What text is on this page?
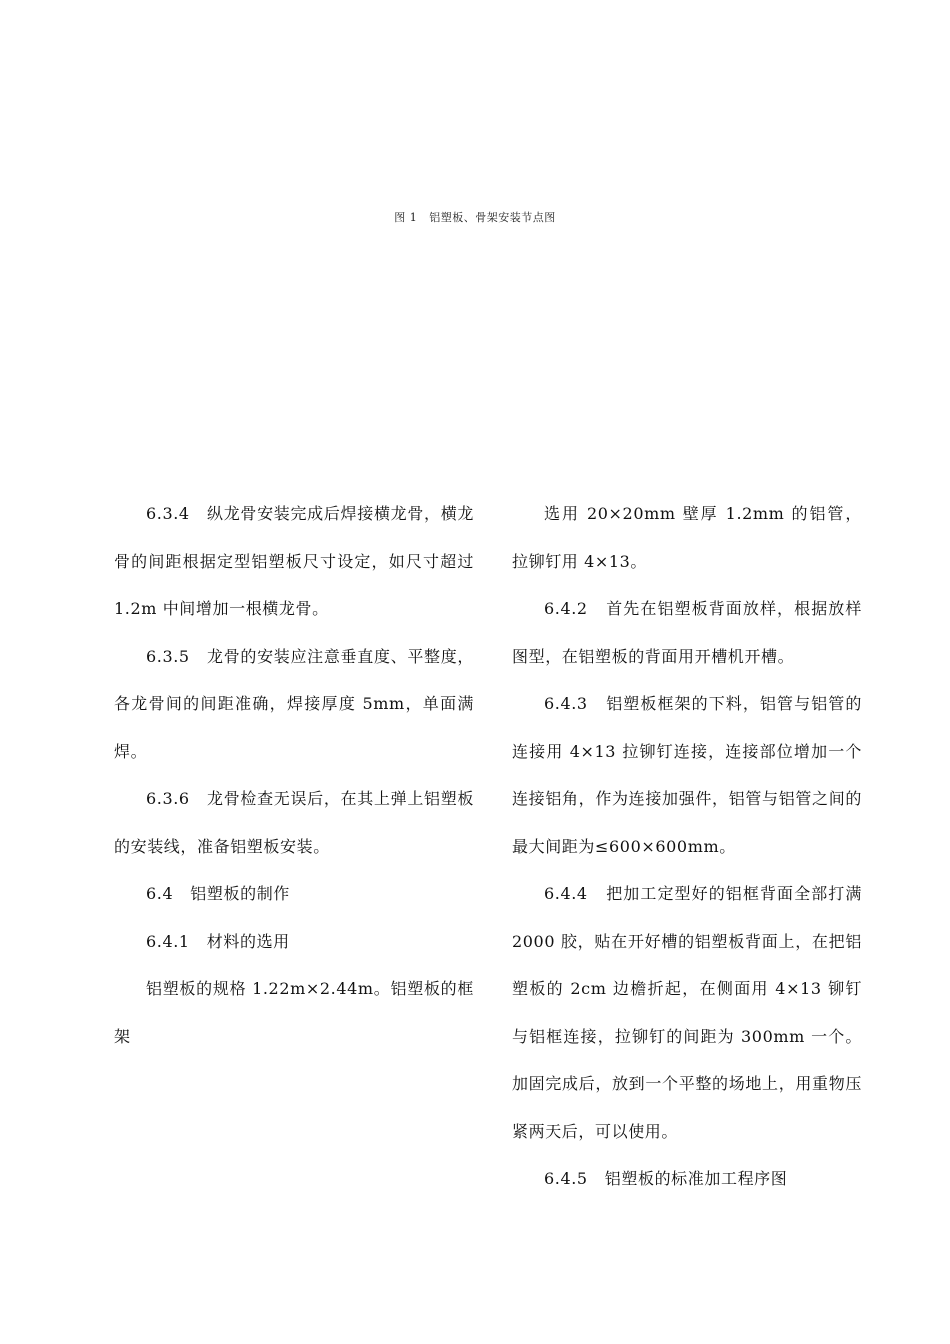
图 1   铝塑板、骨架安装节点图

6.3.4   纵龙骨安装完成后焊接横龙骨，横龙骨的间距根据定型铝塑板尺寸设定，如尺寸超过 1.2m 中间增加一根横龙骨。

6.3.5   龙骨的安装应注意垂直度、平整度，各龙骨间的间距准确，焊接厚度 5mm，单面满焊。

6.3.6   龙骨检查无误后，在其上弹上铝塑板的安装线，准备铝塑板安装。

6.4   铝塑板的制作

6.4.1   材料的选用

铝塑板的规格 1.22m×2.44m。铝塑板的框架

选用 20×20mm 壁厚 1.2mm 的铝管，拉铆钉用 4×13。

6.4.2   首先在铝塑板背面放样，根据放样图型，在铝塑板的背面用开槽机开槽。

6.4.3   铝塑板框架的下料，铝管与铝管的连接用 4×13 拉铆钉连接，连接部位增加一个连接铝角，作为连接加强件，铝管与铝管之间的最大间距为≤600×600mm。

6.4.4   把加工定型好的铝框背面全部打满 2000 胶，贴在开好槽的铝塑板背面上，在把铝塑板的 2cm 边檐折起，在侧面用 4×13 铆钉与铝框连接，拉铆钉的间距为 300mm 一个。加固完成后，放到一个平整的场地上，用重物压紧两天后，可以使用。

6.4.5   铝塑板的标准加工程序图
